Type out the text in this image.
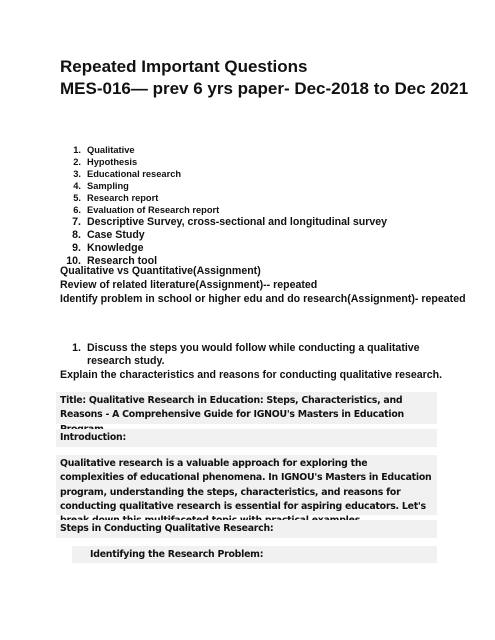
Repeated Important Questions
MES-016— prev 6 yrs paper- Dec-2018 to Dec 2021
1. Qualitative
2. Hypothesis
3. Educational research
4. Sampling
5. Research report
6. Evaluation of Research report
7. Descriptive Survey, cross-sectional and longitudinal survey
8. Case Study
9. Knowledge
10. Research tool

Qualitative vs Quantitative(Assignment)

Review of related literature(Assignment)-- repeated

Identify problem in school or higher edu and do research(Assignment)- repeated

1. Discuss the steps you would follow while conducting a qualitative research study.

Explain the characteristics and reasons for conducting qualitative research.

Title: Qualitative Research in Education: Steps, Characteristics, and Reasons - A Comprehensive Guide for IGNOU's Masters in Education

Introduction:

Qualitative research is a valuable approach for exploring the complexities of educational phenomena. In IGNOU's Masters in Education program, understanding the steps, characteristics, and reasons for conducting qualitative research is essential for aspiring educators. Let's

Steps in Conducting Qualitative Research:

Identifying the Research Problem:
